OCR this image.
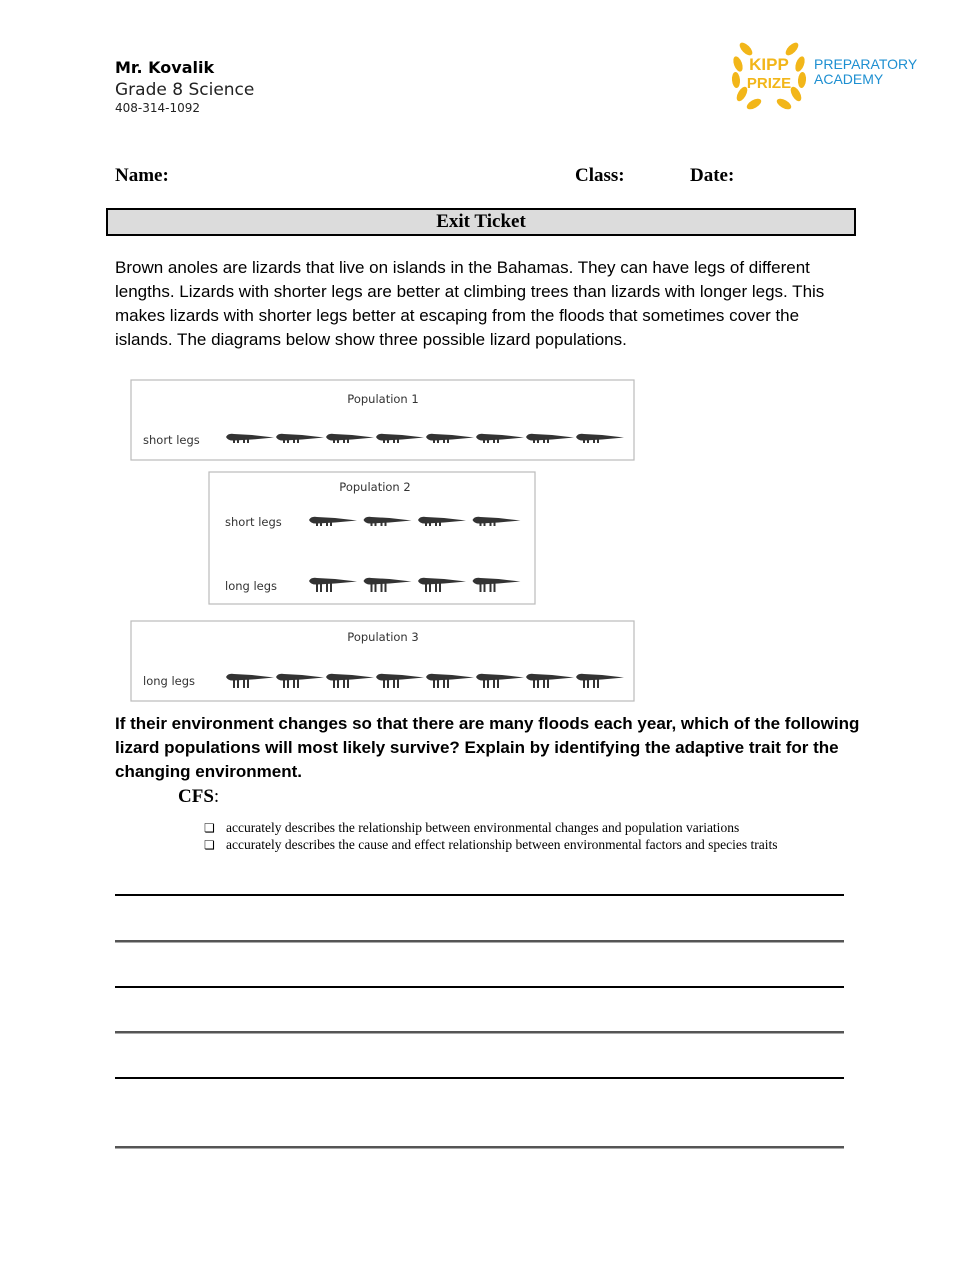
Mr. Kovalik
Grade 8 Science
408-314-1092
KIPP
PRIZE
PREPARATORY
ACADEMY
Name:	Class:	Date:
Exit Ticket
Brown anoles are lizards that live on islands in the Bahamas. They can have legs of different lengths. Lizards with shorter legs are better at climbing trees than lizards with longer legs. This makes lizards with shorter legs better at escaping from the floods that sometimes cover the islands. The diagrams below show three possible lizard populations.
Population 1
short legs
Population 2
short legs
long legs
Population 3
long legs
If their environment changes so that there are many floods each year, which of the following lizard populations will most likely survive? Explain by identifying the adaptive trait for the changing environment.
CFS:
❏ accurately describes the relationship between environmental changes and population variations
❏ accurately describes the cause and effect relationship between environmental factors and species traits
